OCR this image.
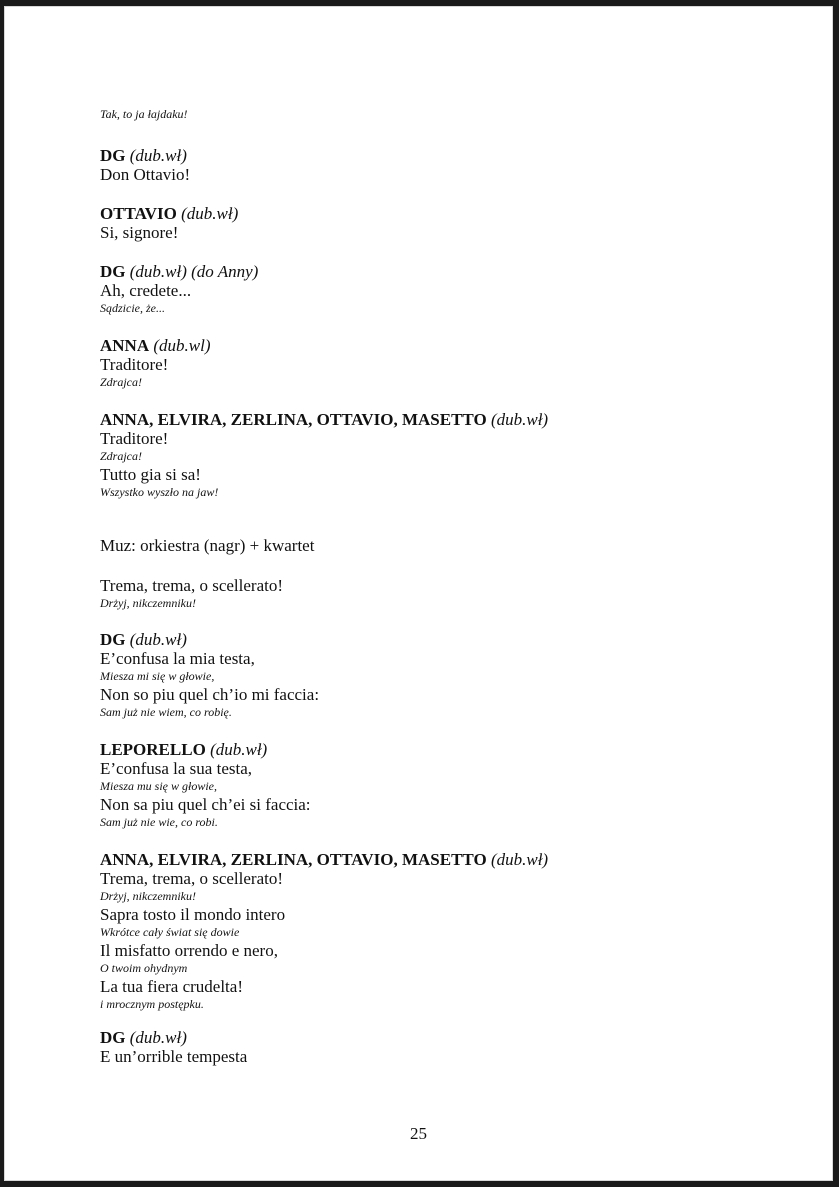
Tak, to ja łajdaku!
DG (dub.wł)
Don Ottavio!
OTTAVIO (dub.wł)
Si, signore!
DG (dub.wł) (do Anny)
Ah, credete...
Sądzicie, że...
ANNA (dub.wl)
Traditore!
Zdrajca!
ANNA, ELVIRA, ZERLINA, OTTAVIO, MASETTO (dub.wł)
Traditore!
Zdrajca!
Tutto gia si sa!
Wszystko wyszło na jaw!
Muz: orkiestra (nagr) + kwartet
Trema, trema, o scellerato!
Drżyj, nikczemniku!
DG (dub.wł)
E’confusa la mia testa,
Miesza mi się w głowie,
Non so piu quel ch’io mi faccia:
Sam już nie wiem, co robię.
LEPORELLO (dub.wł)
E’confusa la sua testa,
Miesza mu się w głowie,
Non sa piu quel ch’ei si faccia:
Sam już nie wie, co robi.
ANNA, ELVIRA, ZERLINA, OTTAVIO, MASETTO (dub.wł)
Trema, trema, o scellerato!
Drżyj, nikczemniku!
Sapra tosto il mondo intero
Wkrótce cały świat się dowie
Il misfatto orrendo e nero,
O twoim ohydnym
La tua fiera crudelta!
i mrocznym postępku.
DG (dub.wł)
E un’orrible tempesta
25
